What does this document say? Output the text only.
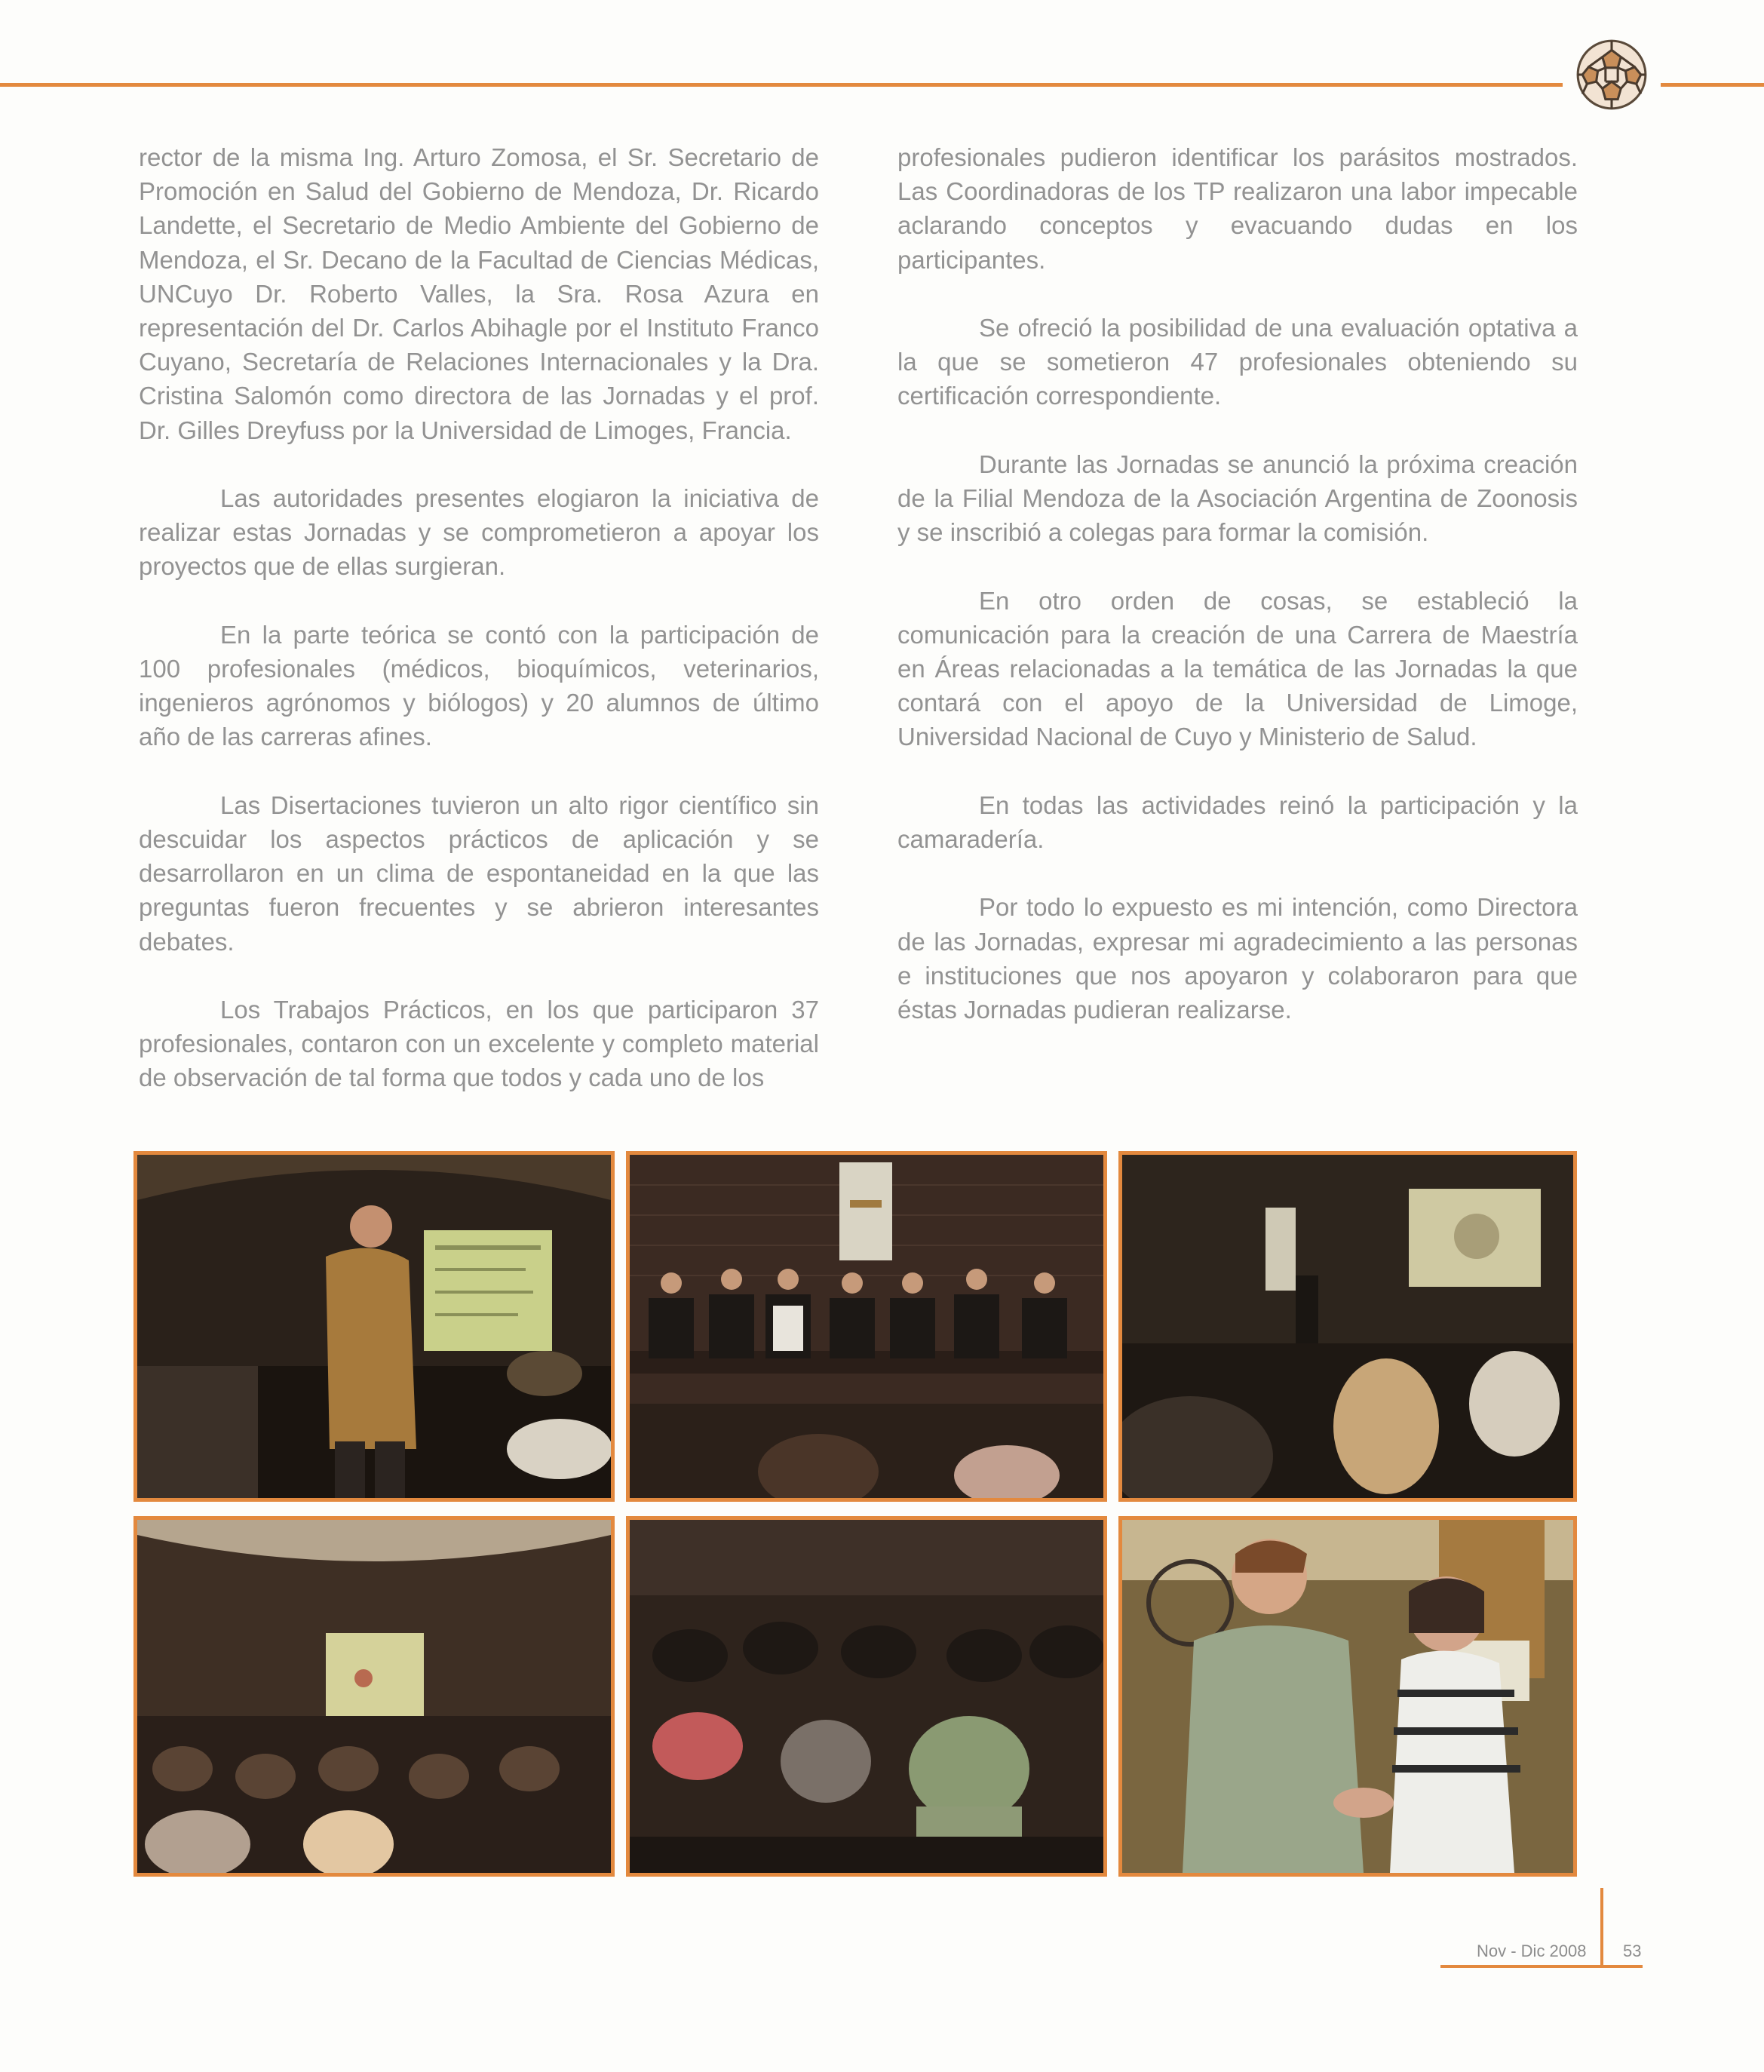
rector de la misma Ing. Arturo Zomosa, el Sr. Secretario de Promoción en Salud del Gobierno de Mendoza, Dr. Ricardo Landette, el Secretario de Medio Ambiente del Gobierno de Mendoza, el Sr. Decano de la Facultad de Ciencias Médicas, UNCuyo Dr. Roberto Valles, la Sra. Rosa Azura en representación del Dr. Carlos Abihagle por el Instituto Franco Cuyano, Secretaría de Relaciones Internacionales y la Dra. Cristina Salomón como directora de las Jornadas y el prof. Dr. Gilles Dreyfuss por la Universidad de Limoges, Francia.

Las autoridades presentes elogiaron la iniciativa de realizar estas Jornadas y se comprometieron a apoyar los proyectos que de ellas surgieran.

En la parte teórica se contó con la participación de 100 profesionales (médicos, bioquímicos, veterinarios, ingenieros agrónomos y biólogos) y 20 alumnos de último año de las carreras afines.

Las Disertaciones tuvieron un alto rigor científico sin descuidar los aspectos prácticos de aplicación y se desarrollaron en un clima de espontaneidad en la que las preguntas fueron frecuentes y se abrieron interesantes debates.

Los Trabajos Prácticos, en los que participaron 37 profesionales, contaron con un excelente y completo material de observación de tal forma que todos y cada uno de los

profesionales pudieron identificar los parásitos mostrados. Las Coordinadoras de los TP realizaron una labor impecable aclarando conceptos y evacuando dudas en los participantes.

Se ofreció la posibilidad de una evaluación optativa a la que se sometieron 47 profesionales obteniendo su certificación correspondiente.

Durante las Jornadas se anunció la próxima creación de la Filial Mendoza de la Asociación Argentina de Zoonosis y se inscribió a colegas para formar la comisión.

En otro orden de cosas, se estableció la comunicación para la creación de una Carrera de Maestría en Áreas relacionadas a la temática de las Jornadas la que contará con el apoyo de la Universidad de Limoge, Universidad Nacional de Cuyo y Ministerio de Salud.

En todas las actividades reinó la participación y la camaradería.

Por todo lo expuesto es mi intención, como Directora de las Jornadas, expresar mi agradecimiento a las personas e instituciones que nos apoyaron y colaboraron para que éstas Jornadas pudieran realizarse.

Nov - Dic 2008 53
